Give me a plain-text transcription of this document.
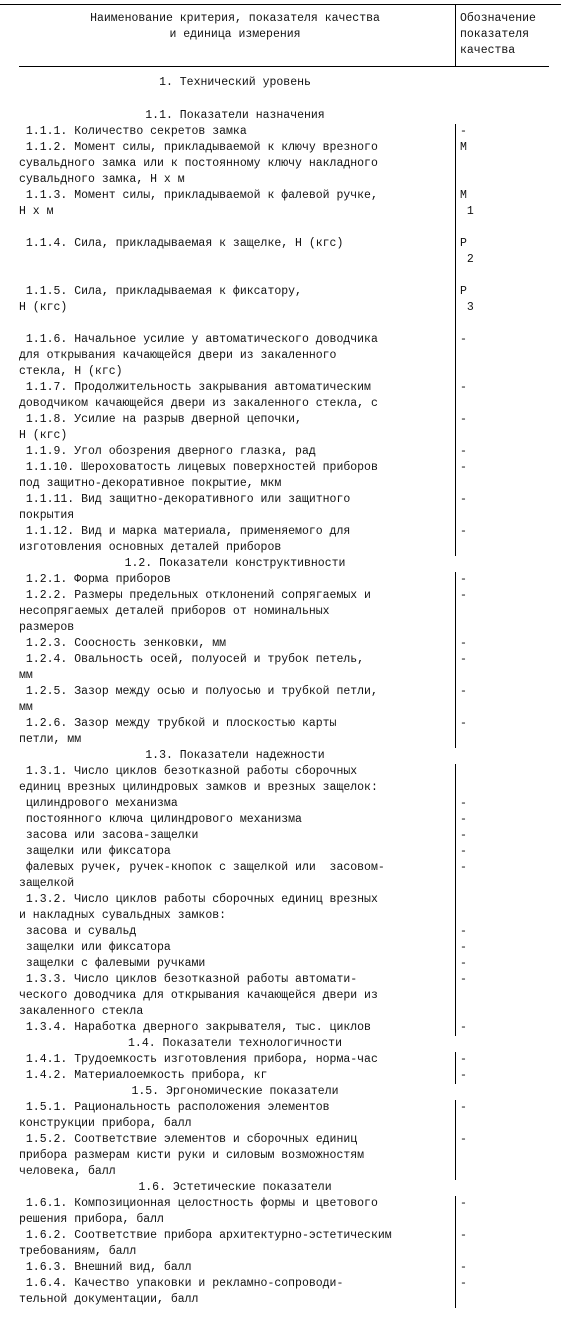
Наименование критерия, показателя качества
и единица измерения
Обозначение
показателя
качества
1. Технический уровень
1.1. Показатели назначения
1.1.1. Количество секретов замка	-
1.1.2. Момент силы, прикладываемой к ключу врезного	M
сувальдного замка или к постоянному ключу накладного
сувальдного замка, Н х м
1.1.3. Момент силы, прикладываемой к фалевой ручке,	M
Н х м	1
1.1.4. Сила, прикладываемая к защелке, Н (кгс)	P
2
1.1.5. Сила, прикладываемая к фиксатору,	P
Н (кгс)	3
1.1.6. Начальное усилие у автоматического доводчика	-
для открывания качающейся двери из закаленного
стекла, Н (кгс)
1.1.7. Продолжительность закрывания автоматическим	-
доводчиком качающейся двери из закаленного стекла, с
1.1.8. Усилие на разрыв дверной цепочки,	-
Н (кгс)
1.1.9. Угол обозрения дверного глазка, рад	-
1.1.10. Шероховатость лицевых поверхностей приборов	-
под защитно-декоративное покрытие, мкм
1.1.11. Вид защитно-декоративного или защитного	-
покрытия
1.1.12. Вид и марка материала, применяемого для	-
изготовления основных деталей приборов
1.2. Показатели конструктивности
1.2.1. Форма приборов	-
1.2.2. Размеры предельных отклонений сопрягаемых и	-
несопрягаемых деталей приборов от номинальных
размеров
1.2.3. Соосность зенковки, мм	-
1.2.4. Овальность осей, полуосей и трубок петель,	-
мм
1.2.5. Зазор между осью и полуосью и трубкой петли,	-
мм
1.2.6. Зазор между трубкой и плоскостью карты	-
петли, мм
1.3. Показатели надежности
1.3.1. Число циклов безотказной работы сборочных
единиц врезных цилиндровых замков и врезных защелок:
цилиндрового механизма	-
постоянного ключа цилиндрового механизма	-
засова или засова-защелки	-
защелки или фиксатора	-
фалевых ручек, ручек-кнопок с защелкой или  засовом-	-
защелкой
1.3.2. Число циклов работы сборочных единиц врезных
и накладных сувальдных замков:
засова и сувальд	-
защелки или фиксатора	-
защелки с фалевыми ручками	-
1.3.3. Число циклов безотказной работы автомати-	-
ческого доводчика для открывания качающейся двери из
закаленного стекла
1.3.4. Наработка дверного закрывателя, тыс. циклов	-
1.4. Показатели технологичности
1.4.1. Трудоемкость изготовления прибора, норма-час	-
1.4.2. Материалоемкость прибора, кг	-
1.5. Эргономические показатели
1.5.1. Рациональность расположения элементов	-
конструкции прибора, балл
1.5.2. Соответствие элементов и сборочных единиц	-
прибора размерам кисти руки и силовым возможностям
человека, балл
1.6. Эстетические показатели
1.6.1. Композиционная целостность формы и цветового	-
решения прибора, балл
1.6.2. Соответствие прибора архитектурно-эстетическим	-
требованиям, балл
1.6.3. Внешний вид, балл	-
1.6.4. Качество упаковки и рекламно-сопроводи-	-
тельной документации, балл
